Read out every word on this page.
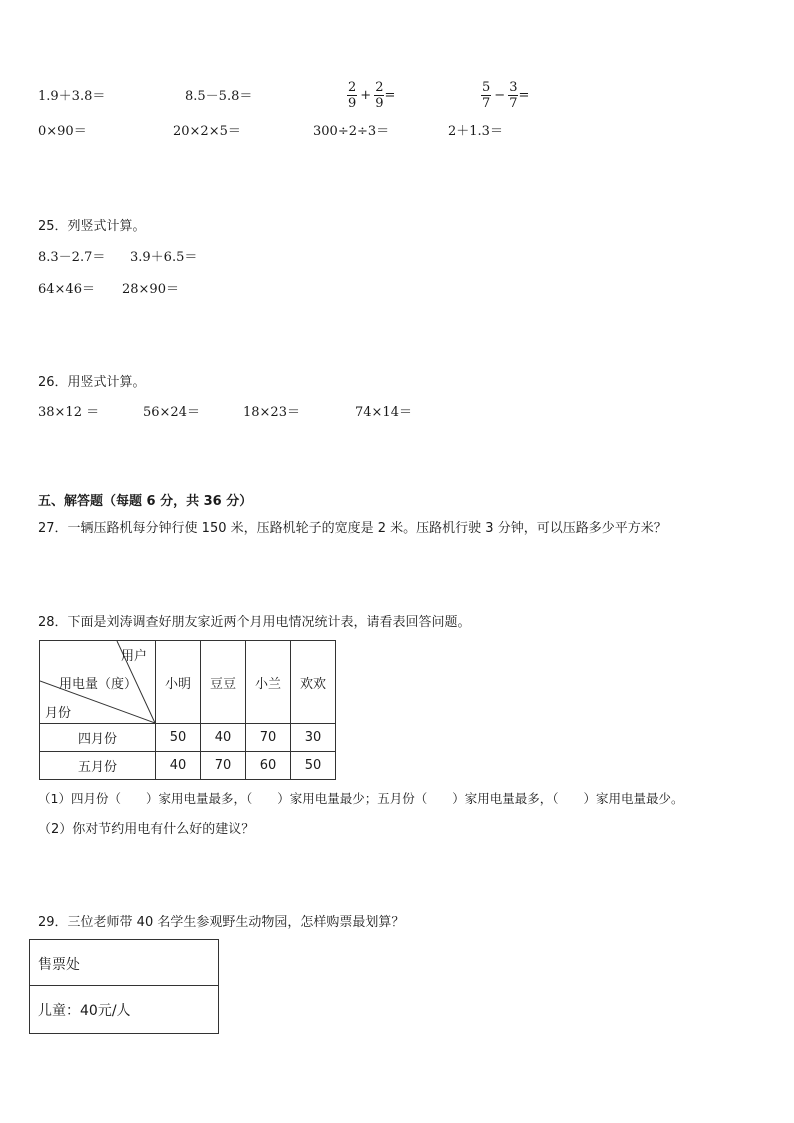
1.9＋3.8＝	8.5－5.8＝	$\frac{2}{9} + \frac{2}{9}$ =	$\frac{5}{7} - \frac{3}{7}$ =
0×90＝	20×2×5＝	300÷2÷3＝	2＋1.3＝
25．列竖式计算。
8.3－2.7＝ 3.9＋6.5＝
64×46＝ 28×90＝
26．用竖式计算。
38×12 ＝	56×24＝	18×23＝	74×14＝
五、解答题（每题 6 分，共 36 分）
27．一辆压路机每分钟行使 150 米，压路机轮子的宽度是 2 米。压路机行驶 3 分钟，可以压路多少平方米？
28．下面是刘涛调查好朋友家近两个月用电情况统计表，请看表回答问题。
用户
用电量（度）
月份	小明	豆豆	小兰	欢欢
四月份	50	40	70	30
五月份	40	70	60	50
（1）四月份（　　）家用电量最多，（　　）家用电量最少；五月份（　　）家用电量最多，（　　）家用电量最少。
（2）你对节约用电有什么好的建议？
29．三位老师带 40 名学生参观野生动物园，怎样购票最划算？
售票处
儿童：40元/人
